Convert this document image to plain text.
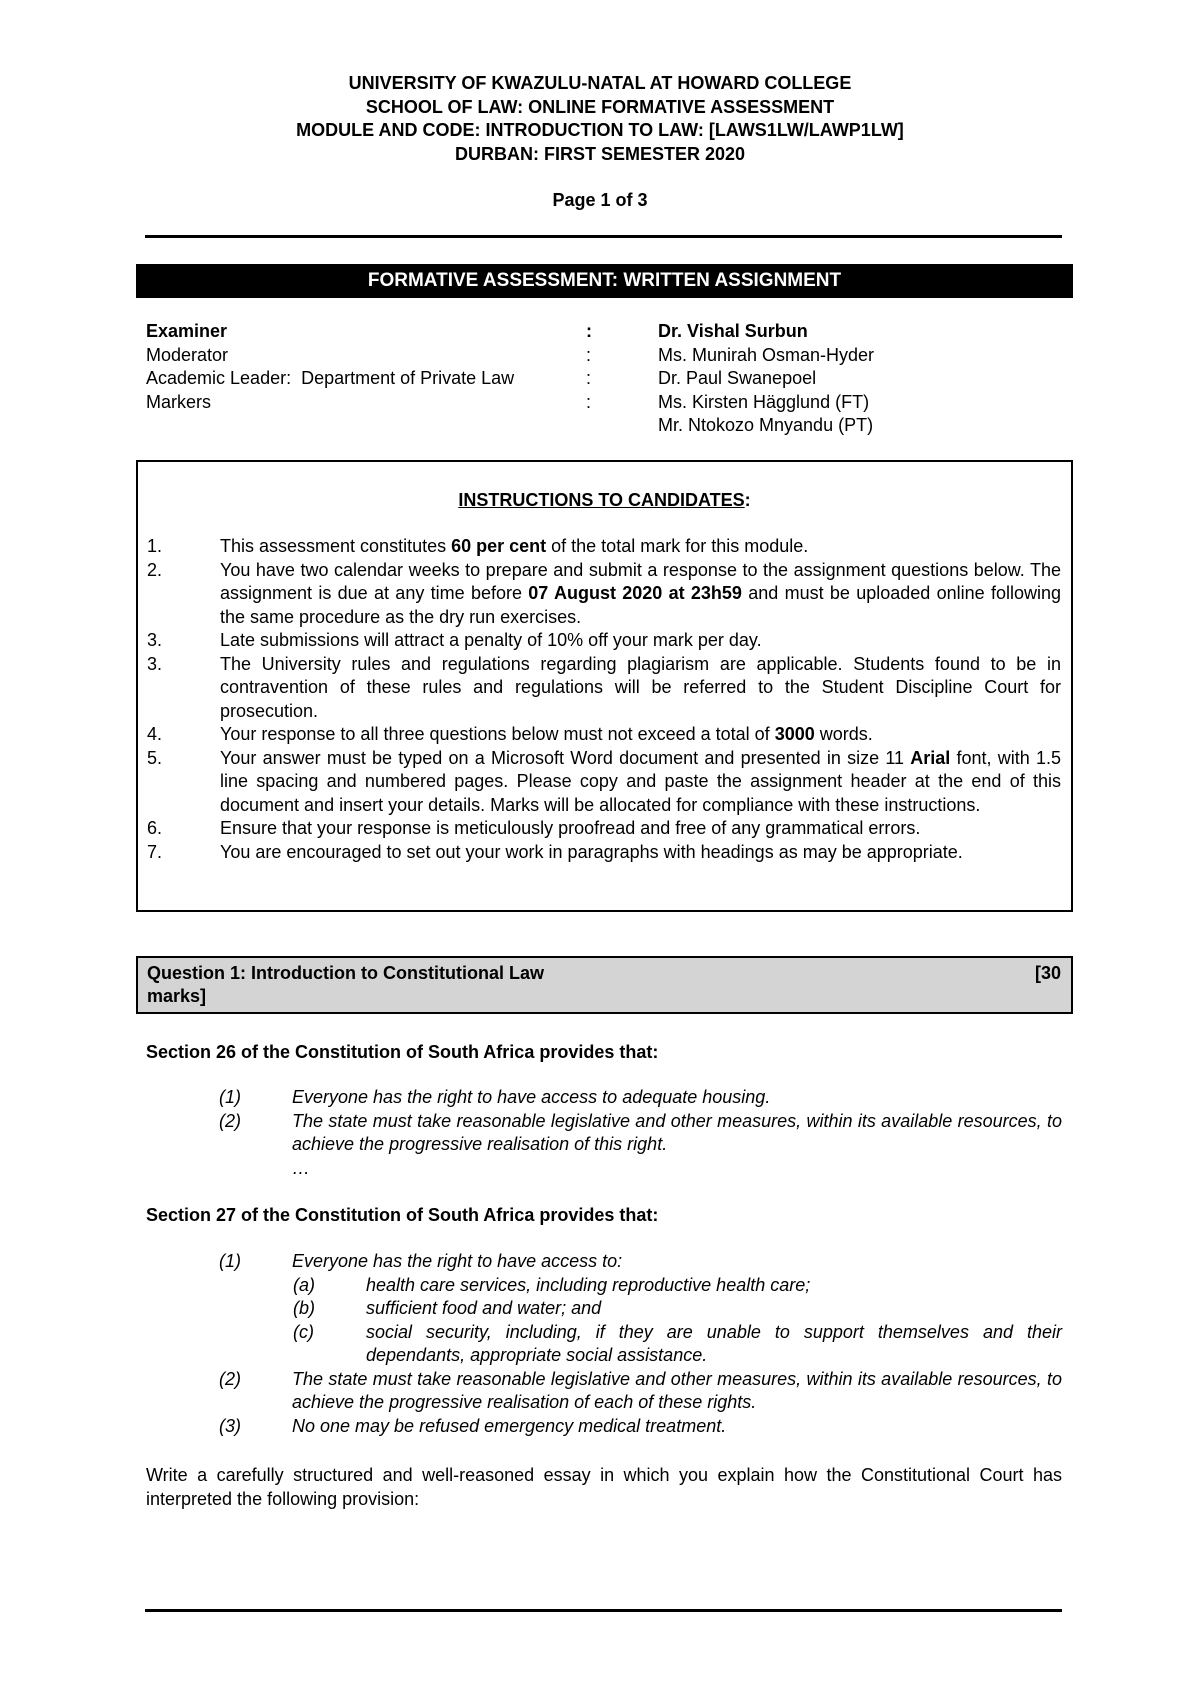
UNIVERSITY OF KWAZULU-NATAL AT HOWARD COLLEGE
SCHOOL OF LAW: ONLINE FORMATIVE ASSESSMENT
MODULE AND CODE: INTRODUCTION TO LAW: [LAWS1LW/LAWP1LW]
DURBAN: FIRST SEMESTER 2020
Page 1 of 3
FORMATIVE ASSESSMENT: WRITTEN ASSIGNMENT
Examiner	:	Dr. Vishal Surbun
Moderator	:	Ms. Munirah Osman-Hyder
Academic Leader:  Department of Private Law	:	Dr. Paul Swanepoel
Markers	:	Ms. Kirsten Hägglund (FT)
Mr. Ntokozo Mnyandu (PT)
INSTRUCTIONS TO CANDIDATES:
1.	This assessment constitutes 60 per cent of the total mark for this module.
2.	You have two calendar weeks to prepare and submit a response to the assignment questions below. The assignment is due at any time before 07 August 2020 at 23h59 and must be uploaded online following the same procedure as the dry run exercises.
3.	Late submissions will attract a penalty of 10% off your mark per day.
3.	The University rules and regulations regarding plagiarism are applicable. Students found to be in contravention of these rules and regulations will be referred to the Student Discipline Court for prosecution.
4.	Your response to all three questions below must not exceed a total of 3000 words.
5.	Your answer must be typed on a Microsoft Word document and presented in size 11 Arial font, with 1.5 line spacing and numbered pages. Please copy and paste the assignment header at the end of this document and insert your details. Marks will be allocated for compliance with these instructions.
6.	Ensure that your response is meticulously proofread and free of any grammatical errors.
7.	You are encouraged to set out your work in paragraphs with headings as may be appropriate.
Question 1: Introduction to Constitutional Law	[30
marks]
Section 26 of the Constitution of South Africa provides that:
(1)	Everyone has the right to have access to adequate housing.
(2)	The state must take reasonable legislative and other measures, within its available resources, to achieve the progressive realisation of this right.
…
Section 27 of the Constitution of South Africa provides that:
(1)	Everyone has the right to have access to:
(a)	health care services, including reproductive health care;
(b)	sufficient food and water; and
(c)	social security, including, if they are unable to support themselves and their dependants, appropriate social assistance.
(2)	The state must take reasonable legislative and other measures, within its available resources, to achieve the progressive realisation of each of these rights.
(3)	No one may be refused emergency medical treatment.
Write a carefully structured and well-reasoned essay in which you explain how the Constitutional Court has interpreted the following provision:
